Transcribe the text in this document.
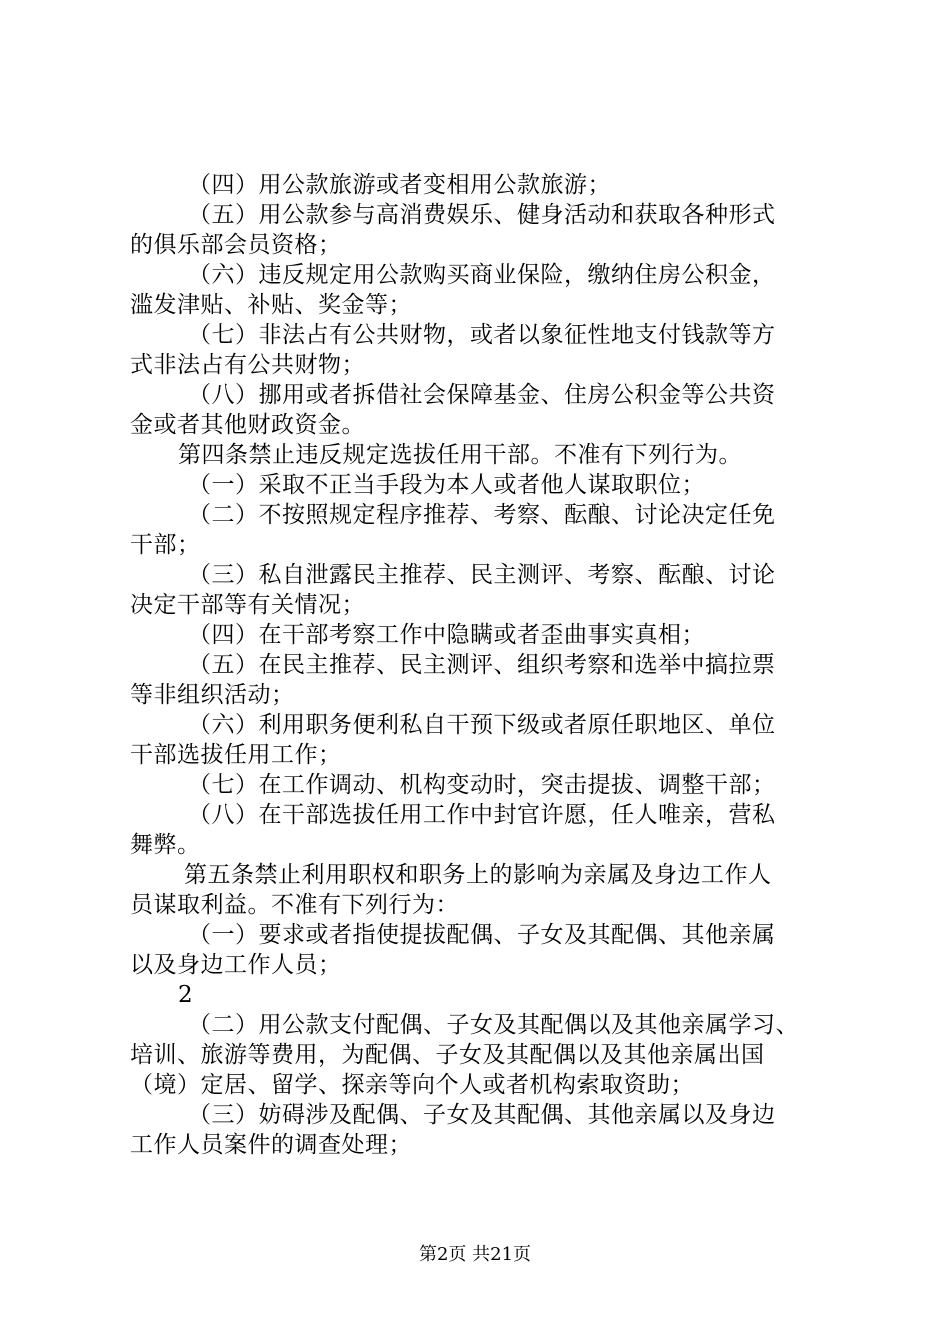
（四）用公款旅游或者变相用公款旅游；
（五）用公款参与高消费娱乐、健身活动和获取各种形式
的俱乐部会员资格；
（六）违反规定用公款购买商业保险，缴纳住房公积金，
滥发津贴、补贴、奖金等；
（七）非法占有公共财物，或者以象征性地支付钱款等方
式非法占有公共财物；
（八）挪用或者拆借社会保障基金、住房公积金等公共资
金或者其他财政资金。
第四条禁止违反规定选拔任用干部。不准有下列行为。
（一）采取不正当手段为本人或者他人谋取职位；
（二）不按照规定程序推荐、考察、酝酿、讨论决定任免
干部；
（三）私自泄露民主推荐、民主测评、考察、酝酿、讨论
决定干部等有关情况；
（四）在干部考察工作中隐瞒或者歪曲事实真相；
（五）在民主推荐、民主测评、组织考察和选举中搞拉票
等非组织活动；
（六）利用职务便利私自干预下级或者原任职地区、单位
干部选拔任用工作；
（七）在工作调动、机构变动时，突击提拔、调整干部；
（八）在干部选拔任用工作中封官许愿，任人唯亲，营私
舞弊。
第五条禁止利用职权和职务上的影响为亲属及身边工作人
员谋取利益。不准有下列行为：
（一）要求或者指使提拔配偶、子女及其配偶、其他亲属
以及身边工作人员；
2
（二）用公款支付配偶、子女及其配偶以及其他亲属学习、
培训、旅游等费用，为配偶、子女及其配偶以及其他亲属出国
（境）定居、留学、探亲等向个人或者机构索取资助；
（三）妨碍涉及配偶、子女及其配偶、其他亲属以及身边
工作人员案件的调查处理；
第2页 共21页
